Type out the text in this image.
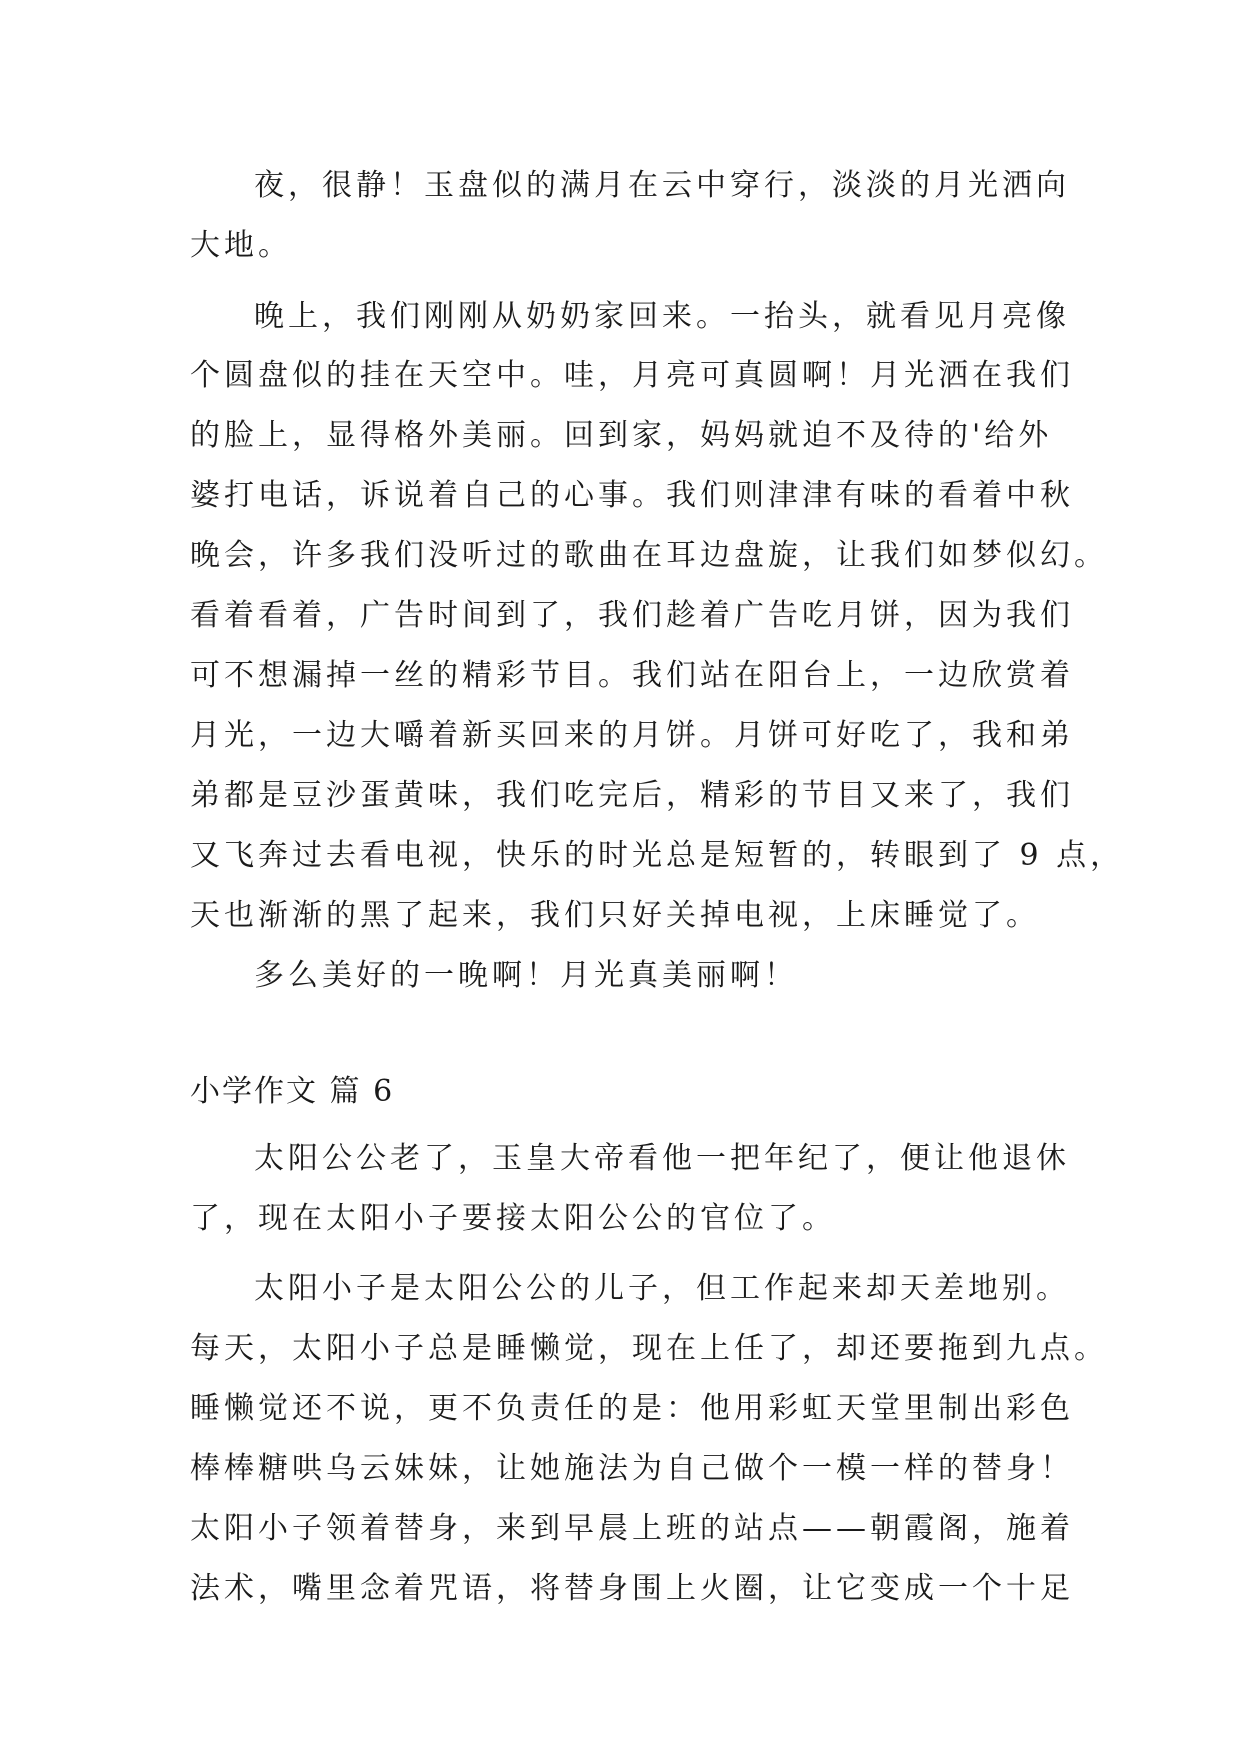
夜，很静！玉盘似的满月在云中穿行，淡淡的月光洒向
大地。
晚上，我们刚刚从奶奶家回来。一抬头，就看见月亮像
个圆盘似的挂在天空中。哇，月亮可真圆啊！月光洒在我们
的脸上，显得格外美丽。回到家，妈妈就迫不及待的'给外
婆打电话，诉说着自己的心事。我们则津津有味的看着中秋
晚会，许多我们没听过的歌曲在耳边盘旋，让我们如梦似幻。
看着看着，广告时间到了，我们趁着广告吃月饼，因为我们
可不想漏掉一丝的精彩节目。我们站在阳台上，一边欣赏着
月光，一边大嚼着新买回来的月饼。月饼可好吃了，我和弟
弟都是豆沙蛋黄味，我们吃完后，精彩的节目又来了，我们
又飞奔过去看电视，快乐的时光总是短暂的，转眼到了 9 点，
天也渐渐的黑了起来，我们只好关掉电视，上床睡觉了。
多么美好的一晚啊！月光真美丽啊！
小学作文 篇 6
太阳公公老了，玉皇大帝看他一把年纪了，便让他退休
了，现在太阳小子要接太阳公公的官位了。
太阳小子是太阳公公的儿子，但工作起来却天差地别。
每天，太阳小子总是睡懒觉，现在上任了，却还要拖到九点。
睡懒觉还不说，更不负责任的是：他用彩虹天堂里制出彩色
棒棒糖哄乌云妹妹，让她施法为自己做个一模一样的替身！
太阳小子领着替身，来到早晨上班的站点——朝霞阁，施着
法术，嘴里念着咒语，将替身围上火圈，让它变成一个十足
